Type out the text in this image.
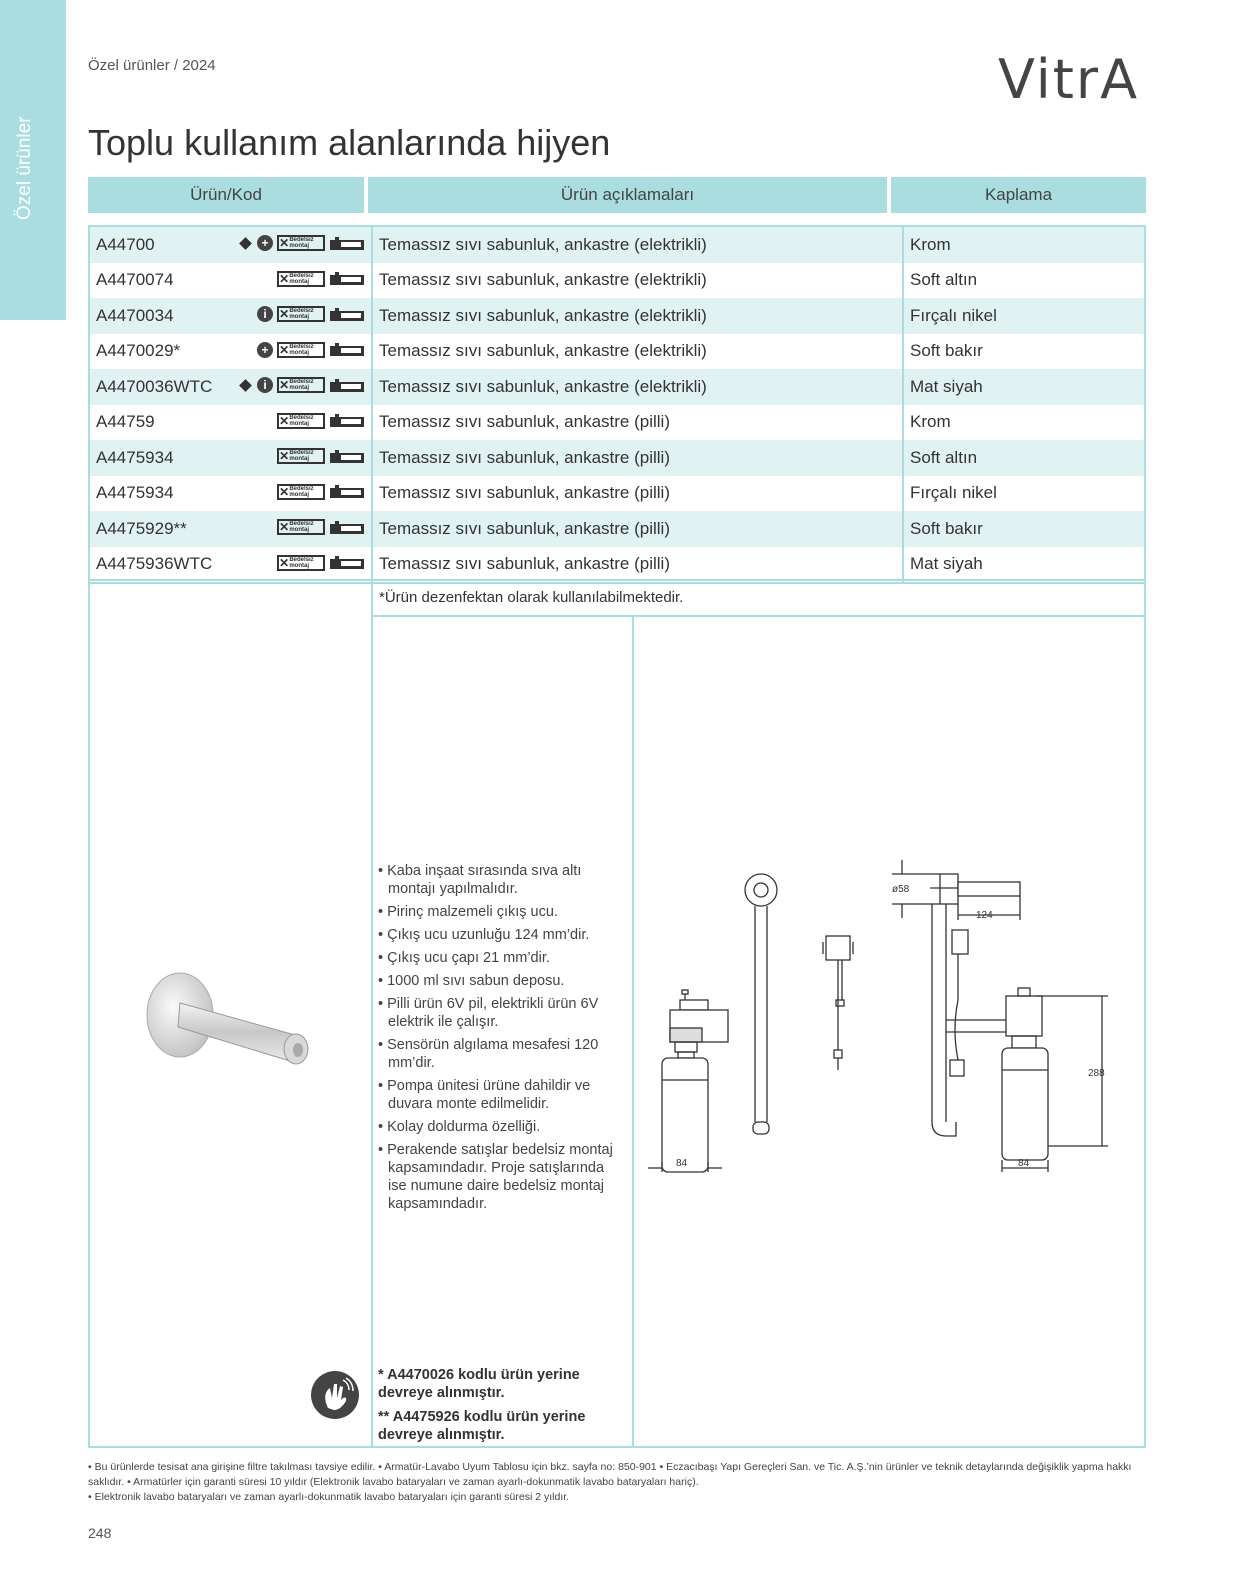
Özel ürünler
Özel ürünler / 2024	VitrA
Toplu kullanım alanlarında hijyen
Ürün/Kod	Ürün açıklamaları	Kaplama
A44700	+ ✕ Bedelsiz montaj	Temassız sıvı sabunluk, ankastre (elektrikli)	Krom
A4470074	✕ Bedelsiz montaj	Temassız sıvı sabunluk, ankastre (elektrikli)	Soft altın
A4470034	i	✕ Bedelsiz montaj	Temassız sıvı sabunluk, ankastre (elektrikli)	Fırçalı nikel
A4470029*	+ ✕ Bedelsiz montaj	Temassız sıvı sabunluk, ankastre (elektrikli)	Soft bakır
A4470036WTC	i	✕ Bedelsiz montaj	Temassız sıvı sabunluk, ankastre (elektrikli)	Mat siyah
A44759	✕ Bedelsiz montaj	Temassız sıvı sabunluk, ankastre (pilli)	Krom
A4475934	✕ Bedelsiz montaj	Temassız sıvı sabunluk, ankastre (pilli)	Soft altın
A4475934	✕ Bedelsiz montaj	Temassız sıvı sabunluk, ankastre (pilli)	Fırçalı nikel
A4475929**	✕ Bedelsiz montaj	Temassız sıvı sabunluk, ankastre (pilli)	Soft bakır
A4475936WTC	✕ Bedelsiz montaj	Temassız sıvı sabunluk, ankastre (pilli)	Mat siyah
*Ürün dezenfektan olarak kullanılabilmektedir.
• Kaba inşaat sırasında sıva altı montajı yapılmalıdır.
• Pirinç malzemeli çıkış ucu.
• Çıkış ucu uzunluğu 124 mm’dir.
• Çıkış ucu çapı 21 mm’dir.
• 1000 ml sıvı sabun deposu.
• Pilli ürün 6V pil, elektrikli ürün 6V elektrik ile çalışır.
• Sensörün algılama mesafesi 120 mm’dir.
• Pompa ünitesi ürüne dahildir ve duvara monte edilmelidir.
• Kolay doldurma özelliği.
• Perakende satışlar bedelsiz montaj kapsamındadır. Proje satışlarında ise numune daire bedelsiz montaj kapsamındadır.
* A4470026 kodlu ürün yerine devreye alınmıştır.
** A4475926 kodlu ürün yerine devreye alınmıştır.
84
ø58
124
84
288
• Bu ürünlerde tesisat ana girişine filtre takılması tavsiye edilir. • Armatür-Lavabo Uyum Tablosu için bkz. sayfa no: 850-901 • Eczacıbaşı Yapı Gereçleri San. ve Tic. A.Ş.’nin ürünler ve teknik detaylarında değişiklik yapma hakkı saklıdır. • Armatürler için garanti süresi 10 yıldır (Elektronik lavabo bataryaları ve zaman ayarlı-dokunmatik lavabo bataryaları hariç).
• Elektronik lavabo bataryaları ve zaman ayarlı-dokunmatik lavabo bataryaları için garanti süresi 2 yıldır.
248
